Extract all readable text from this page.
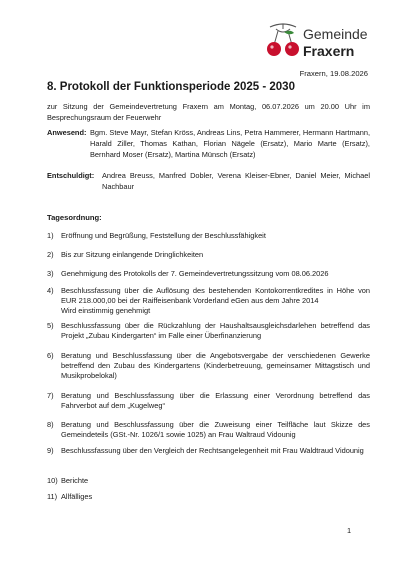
Gemeinde
Fraxern
Fraxern, 19.08.2026
8. Protokoll der Funktionsperiode 2025 - 2030
zur Sitzung der Gemeindevertretung Fraxern am Montag, 06.07.2026 um 20.00 Uhr im Besprechungsraum der Feuerwehr
Anwesend: Bgm. Steve Mayr, Stefan Kröss, Andreas Lins, Petra Hammerer, Hermann Hartmann, Harald Ziller, Thomas Kathan, Florian Nägele (Ersatz), Mario Marte (Ersatz), Bernhard Moser (Ersatz), Martina Münsch (Ersatz)
Entschuldigt:	Andrea Breuss, Manfred Dobler, Verena Kleiser-Ebner, Daniel Meier, Michael Nachbaur
Tagesordnung:
1)	Eröffnung und Begrüßung, Feststellung der Beschlussfähigkeit
2)	Bis zur Sitzung einlangende Dringlichkeiten
3)	Genehmigung des Protokolls der 7. Gemeindevertretungssitzung vom 08.06.2026
4)	Beschlussfassung über die Auflösung des bestehenden Kontokorrentkredites in Höhe von EUR 218.000,00 bei der Raiffeisenbank Vorderland eGen aus dem Jahre 2014
Wird einstimmig genehmigt
5)	Beschlussfassung über die Rückzahlung der Haushaltsausgleichsdarlehen betreffend das Projekt „Zubau Kindergarten“ im Falle einer Überfinanzierung
6)	Beratung und Beschlussfassung über die Angebotsvergabe der verschiedenen Gewerke betreffend den Zubau des Kindergartens (Kinderbetreuung, gemeinsamer Mittagstisch und Musikprobelokal)
7)	Beratung und Beschlussfassung über die Erlassung einer Verordnung betreffend das Fahrverbot auf dem „Kugelweg“
8)	Beratung und Beschlussfassung über die Zuweisung einer Teilfläche laut Skizze des Gemeindeteils (GSt.-Nr. 1026/1 sowie 1025) an Frau Waltraud Vidounig
9)	Beschlussfassung über den Vergleich der Rechtsangelegenheit mit Frau Waldtraud Vidounig
10) Berichte
11) Allfälliges
1
